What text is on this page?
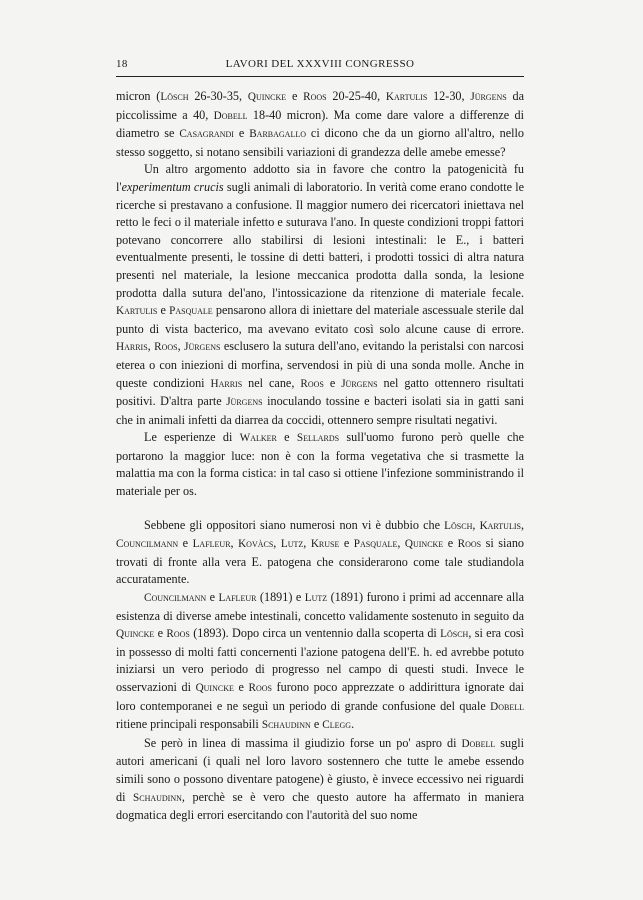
18	LAVORI DEL XXXVIII CONGRESSO

micron (Lösch 26-30-35, Quincke e Roos 20-25-40, Kartulis 12-30, Jürgens da piccolissime a 40, Dobell 18-40 micron). Ma come dare valore a differenze di diametro se Casagrandi e Barbagallo ci dicono che da un giorno all'altro, nello stesso soggetto, si notano sensibili variazioni di grandezza delle amebe emesse?

Un altro argomento addotto sia in favore che contro la patogenicità fu l'experimentum crucis sugli animali di laboratorio. In verità come erano condotte le ricerche si prestavano a confusione. Il maggior numero dei ricercatori iniettava nel retto le feci o il materiale infetto e suturava l'ano. In queste condizioni troppi fattori potevano concorrere allo stabilirsi di lesioni intestinali: le E., i batteri eventualmente presenti, le tossine di detti batteri, i prodotti tossici di altra natura presenti nel materiale, la lesione meccanica prodotta dalla sonda, la lesione prodotta dalla sutura del'ano, l'intossicazione da ritenzione di materiale fecale. Kartulis e Pasquale pensarono allora di iniettare del materiale ascessuale sterile dal punto di vista bacterico, ma avevano evitato così solo alcune cause di errore. Harris, Roos, Jürgens esclusero la sutura dell'ano, evitando la peristalsi con narcosi eterea o con iniezioni di morfina, servendosi in più di una sonda molle. Anche in queste condizioni Harris nel cane, Roos e Jürgens nel gatto ottennero risultati positivi. D'altra parte Jürgens inoculando tossine e bacteri isolati sia in gatti sani che in animali infetti da diarrea da coccidi, ottennero sempre risultati negativi.

Le esperienze di Walker e Sellards sull'uomo furono però quelle che portarono la maggior luce: non è con la forma vegetativa che si trasmette la malattia ma con la forma cistica: in tal caso si ottiene l'infezione somministrando il materiale per os.

Sebbene gli oppositori siano numerosi non vi è dubbio che Lösch, Kartulis, Councilmann e Lafleur, Kovàcs, Lutz, Kruse e Pasquale, Quincke e Roos si siano trovati di fronte alla vera E. patogena che considerarono come tale studiandola accuratamente.

Councilmann e Lafleur (1891) e Lutz (1891) furono i primi ad accennare alla esistenza di diverse amebe intestinali, concetto validamente sostenuto in seguito da Quincke e Roos (1893). Dopo circa un ventennio dalla scoperta di Lösch, si era così in possesso di molti fatti concernenti l'azione patogena dell'E. h. ed avrebbe potuto iniziarsi un vero periodo di progresso nel campo di questi studi. Invece le osservazioni di Quincke e Roos furono poco apprezzate o addirittura ignorate dai loro contemporanei e ne seguì un periodo di grande confusione del quale Dobell ritiene principali responsabili Schaudinn e Clegg.

Se però in linea di massima il giudizio forse un po' aspro di Dobell sugli autori americani (i quali nel loro lavoro sostennero che tutte le amebe essendo simili sono o possono diventare patogene) è giusto, è invece eccessivo nei riguardi di Schaudinn, perchè se è vero che questo autore ha affermato in maniera dogmatica degli errori esercitando con l'autorità del suo nome
